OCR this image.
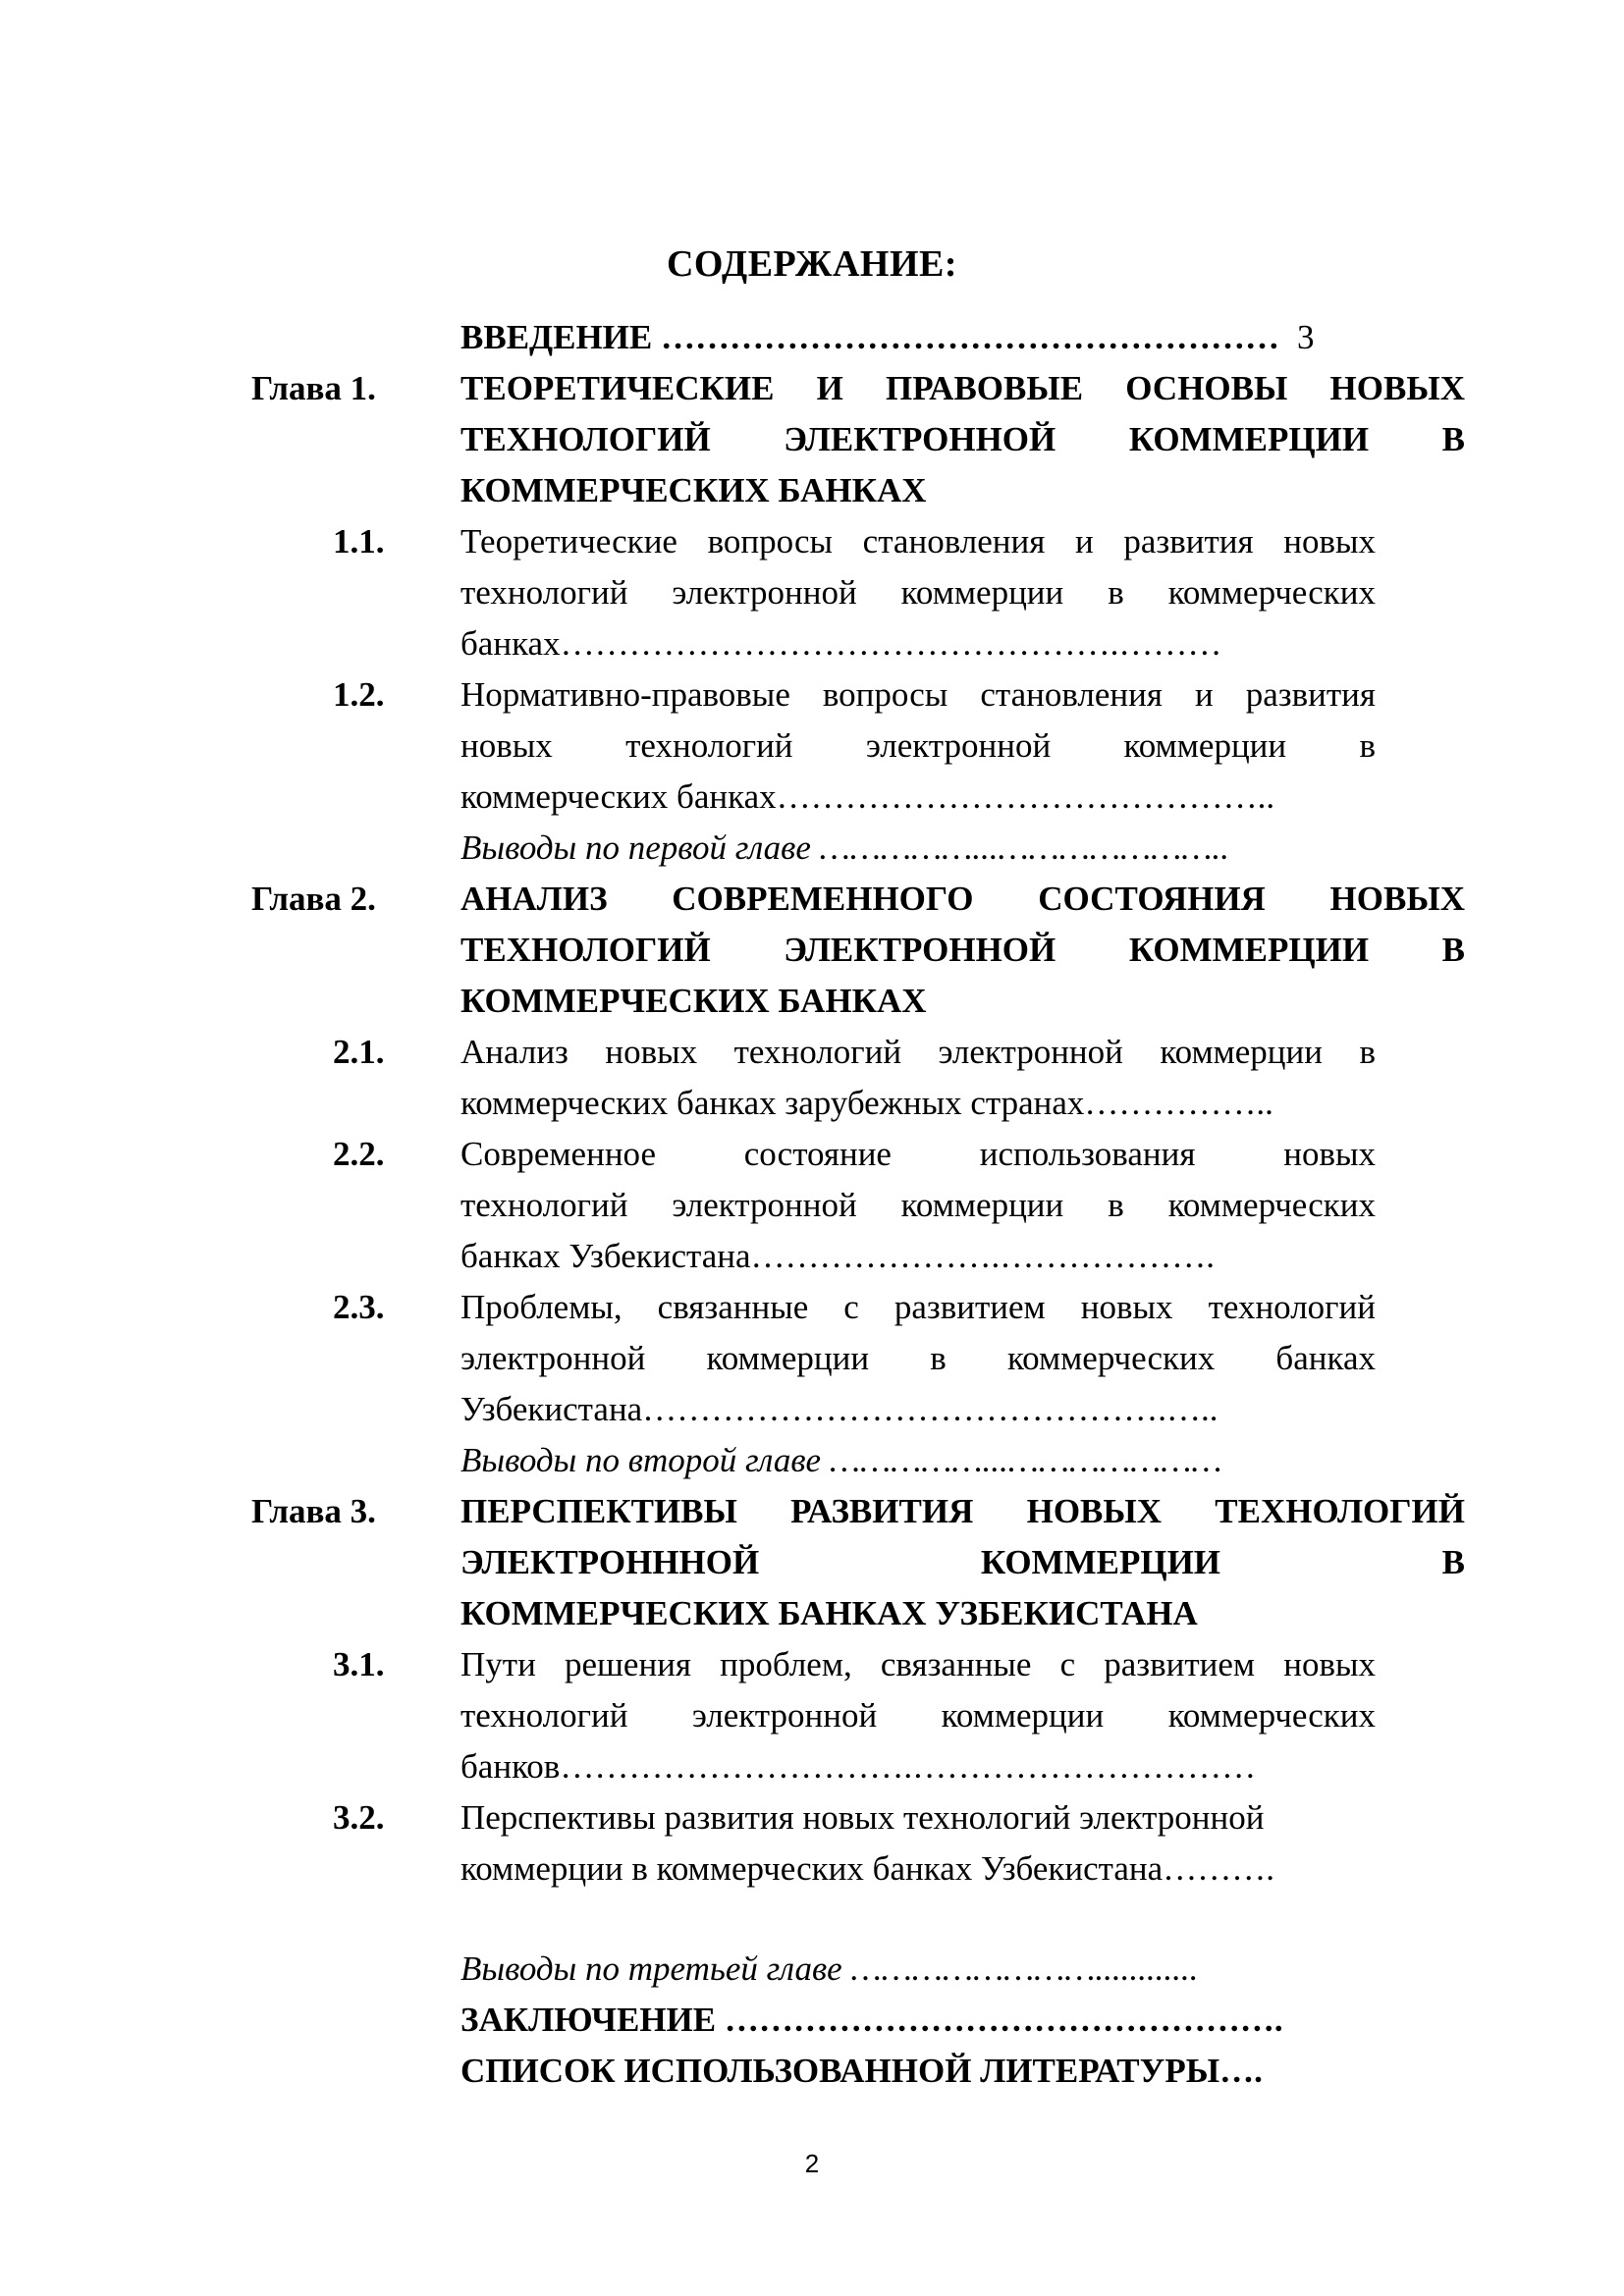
СОДЕРЖАНИЕ:
ВВЕДЕНИЕ ……………………………………………… 3
Глава 1. ТЕОРЕТИЧЕСКИЕ И ПРАВОВЫЕ ОСНОВЫ НОВЫХ
ТЕХНОЛОГИЙ ЭЛЕКТРОННОЙ КОММЕРЦИИ В
КОММЕРЧЕСКИХ БАНКАХ
1.1. Теоретические вопросы становления и развития новых
технологий электронной коммерции в коммерческих
банках………………………………………….………
1.2. Нормативно-правовые вопросы становления и развития
новых технологий электронной коммерции в
коммерческих банках……………………………………..
Выводы по первой главе ……………...…………………..
Глава 2. АНАЛИЗ СОВРЕМЕННОГО СОСТОЯНИЯ НОВЫХ
ТЕХНОЛОГИЙ ЭЛЕКТРОННОЙ КОММЕРЦИИ В
КОММЕРЧЕСКИХ БАНКАХ
2.1. Анализ новых технологий электронной коммерции в
коммерческих банках зарубежных странах……………..
2.2. Современное состояние использования новых
технологий электронной коммерции в коммерческих
банках Узбекистана………………….……………….
2.3. Проблемы, связанные с развитием новых технологий
электронной коммерции в коммерческих банках
Узбекистана……………………………………….…..
Выводы по второй главе ……………...…………………
Глава 3. ПЕРСПЕКТИВЫ РАЗВИТИЯ НОВЫХ ТЕХНОЛОГИЙ
ЭЛЕКТРОНННОЙ КОММЕРЦИИ В
КОММЕРЧЕСКИХ БАНКАХ УЗБЕКИСТАНА
3.1. Пути решения проблем, связанные с развитием новых
технологий электронной коммерции коммерческих
банков………………………….…………………………
3.2. Перспективы развития новых технологий электронной
коммерции в коммерческих банках Узбекистана……….
Выводы по третьей главе ……………………............
ЗАКЛЮЧЕНИЕ ………………………………………….
СПИСОК ИСПОЛЬЗОВАННОЙ ЛИТЕРАТУРЫ….
2
